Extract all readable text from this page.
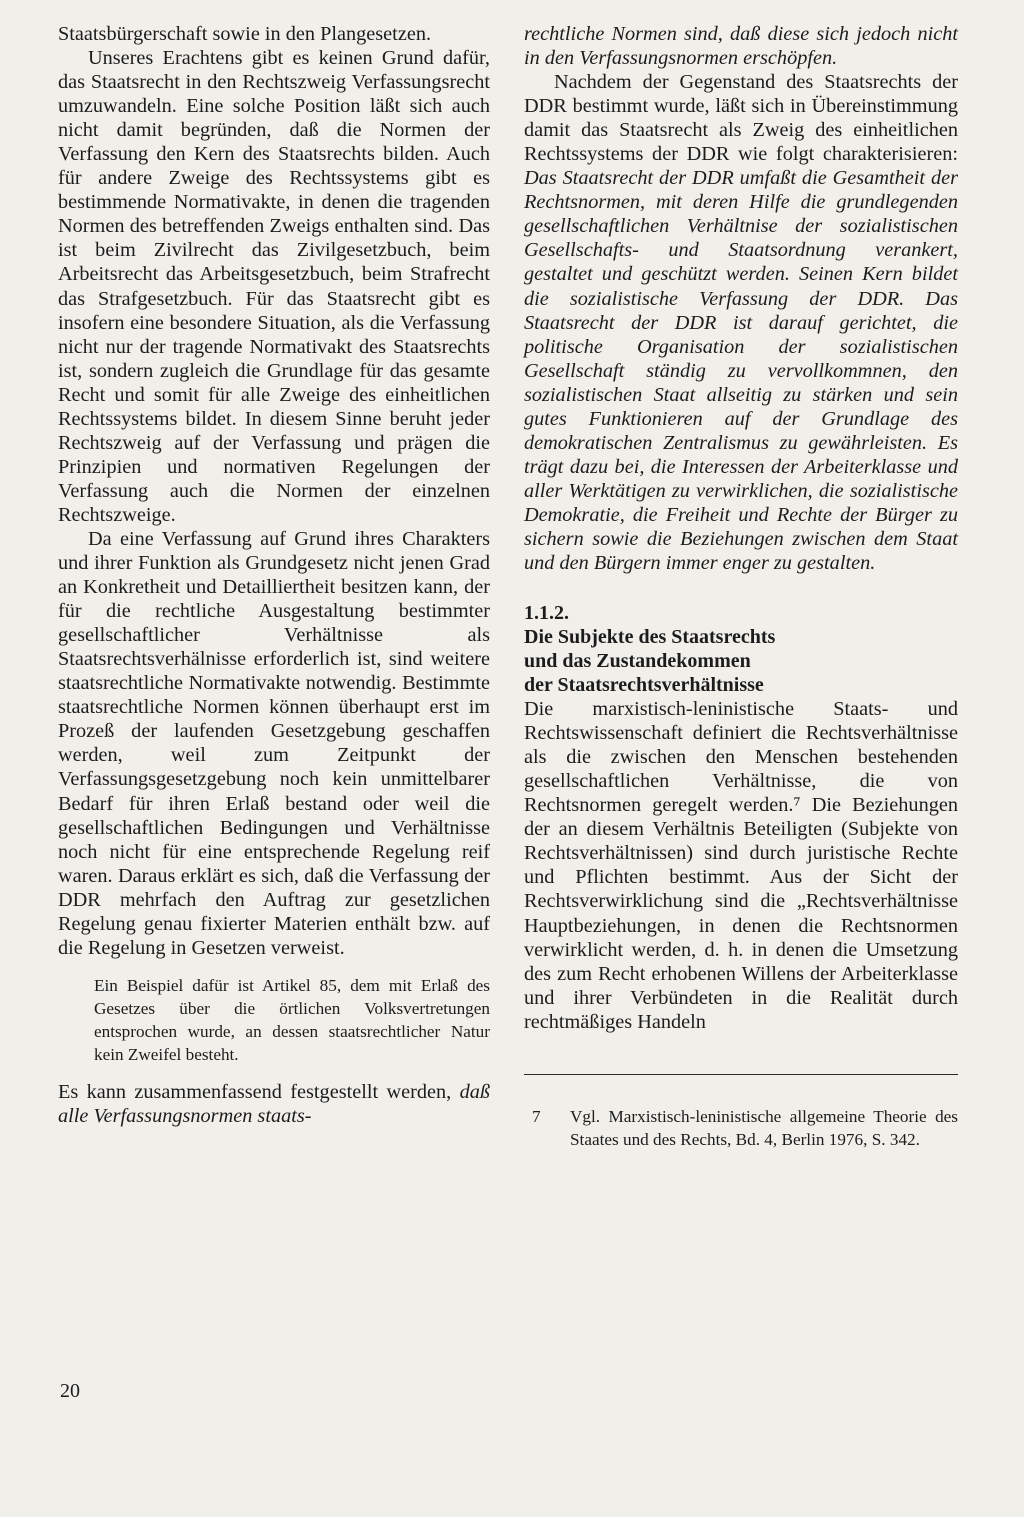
Staatsbürgerschaft sowie in den Plangesetzen.

Unseres Erachtens gibt es keinen Grund dafür, das Staatsrecht in den Rechtszweig Verfassungsrecht umzuwandeln. Eine solche Position läßt sich auch nicht damit begründen, daß die Normen der Verfassung den Kern des Staatsrechts bilden. Auch für andere Zweige des Rechtssystems gibt es bestimmende Normativakte, in denen die tragenden Normen des betreffenden Zweigs enthalten sind. Das ist beim Zivilrecht das Zivilgesetzbuch, beim Arbeitsrecht das Arbeitsgesetzbuch, beim Strafrecht das Strafgesetzbuch. Für das Staatsrecht gibt es insofern eine besondere Situation, als die Verfassung nicht nur der tragende Normativakt des Staatsrechts ist, sondern zugleich die Grundlage für das gesamte Recht und somit für alle Zweige des einheitlichen Rechtssystems bildet. In diesem Sinne beruht jeder Rechtszweig auf der Verfassung und prägen die Prinzipien und normativen Regelungen der Verfassung auch die Normen der einzelnen Rechtszweige.

Da eine Verfassung auf Grund ihres Charakters und ihrer Funktion als Grundgesetz nicht jenen Grad an Konkretheit und Detailliertheit besitzen kann, der für die rechtliche Ausgestaltung bestimmter gesellschaftlicher Verhältnisse als Staatsrechtsverhälnisse erforderlich ist, sind weitere staatsrechtliche Normativakte notwendig. Bestimmte staatsrechtliche Normen können überhaupt erst im Prozeß der laufenden Gesetzgebung geschaffen werden, weil zum Zeitpunkt der Verfassungsgesetzgebung noch kein unmittelbarer Bedarf für ihren Erlaß bestand oder weil die gesellschaftlichen Bedingungen und Verhältnisse noch nicht für eine entsprechende Regelung reif waren. Daraus erklärt es sich, daß die Verfassung der DDR mehrfach den Auftrag zur gesetzlichen Regelung genau fixierter Materien enthält bzw. auf die Regelung in Gesetzen verweist.

Ein Beispiel dafür ist Artikel 85, dem mit Erlaß des Gesetzes über die örtlichen Volksvertretungen entsprochen wurde, an dessen staatsrechtlicher Natur kein Zweifel besteht.

Es kann zusammenfassend festgestellt werden, daß alle Verfassungsnormen staats-

rechtliche Normen sind, daß diese sich jedoch nicht in den Verfassungsnormen erschöpfen.

Nachdem der Gegenstand des Staatsrechts der DDR bestimmt wurde, läßt sich in Übereinstimmung damit das Staatsrecht als Zweig des einheitlichen Rechtssystems der DDR wie folgt charakterisieren: Das Staatsrecht der DDR umfaßt die Gesamtheit der Rechtsnormen, mit deren Hilfe die grundlegenden gesellschaftlichen Verhältnise der sozialistischen Gesellschafts- und Staatsordnung verankert, gestaltet und geschützt werden. Seinen Kern bildet die sozialistische Verfassung der DDR. Das Staatsrecht der DDR ist darauf gerichtet, die politische Organisation der sozialistischen Gesellschaft ständig zu vervollkommnen, den sozialistischen Staat allseitig zu stärken und sein gutes Funktionieren auf der Grundlage des demokratischen Zentralismus zu gewährleisten. Es trägt dazu bei, die Interessen der Arbeiterklasse und aller Werktätigen zu verwirklichen, die sozialistische Demokratie, die Freiheit und Rechte der Bürger zu sichern sowie die Beziehungen zwischen dem Staat und den Bürgern immer enger zu gestalten.

1.1.2.
Die Subjekte des Staatsrechts
und das Zustandekommen
der Staatsrechtsverhältnisse

Die marxistisch-leninistische Staats- und Rechtswissenschaft definiert die Rechtsverhältnisse als die zwischen den Menschen bestehenden gesellschaftlichen Verhältnisse, die von Rechtsnormen geregelt werden.⁷ Die Beziehungen der an diesem Verhältnis Beteiligten (Subjekte von Rechtsverhältnissen) sind durch juristische Rechte und Pflichten bestimmt. Aus der Sicht der Rechtsverwirklichung sind die „Rechtsverhältnisse Hauptbeziehungen, in denen die Rechtsnormen verwirklicht werden, d. h. in denen die Umsetzung des zum Recht erhobenen Willens der Arbeiterklasse und ihrer Verbündeten in die Realität durch rechtmäßiges Handeln

7	Vgl. Marxistisch-leninistische allgemeine Theorie des Staates und des Rechts, Bd. 4, Berlin 1976, S. 342.
20
